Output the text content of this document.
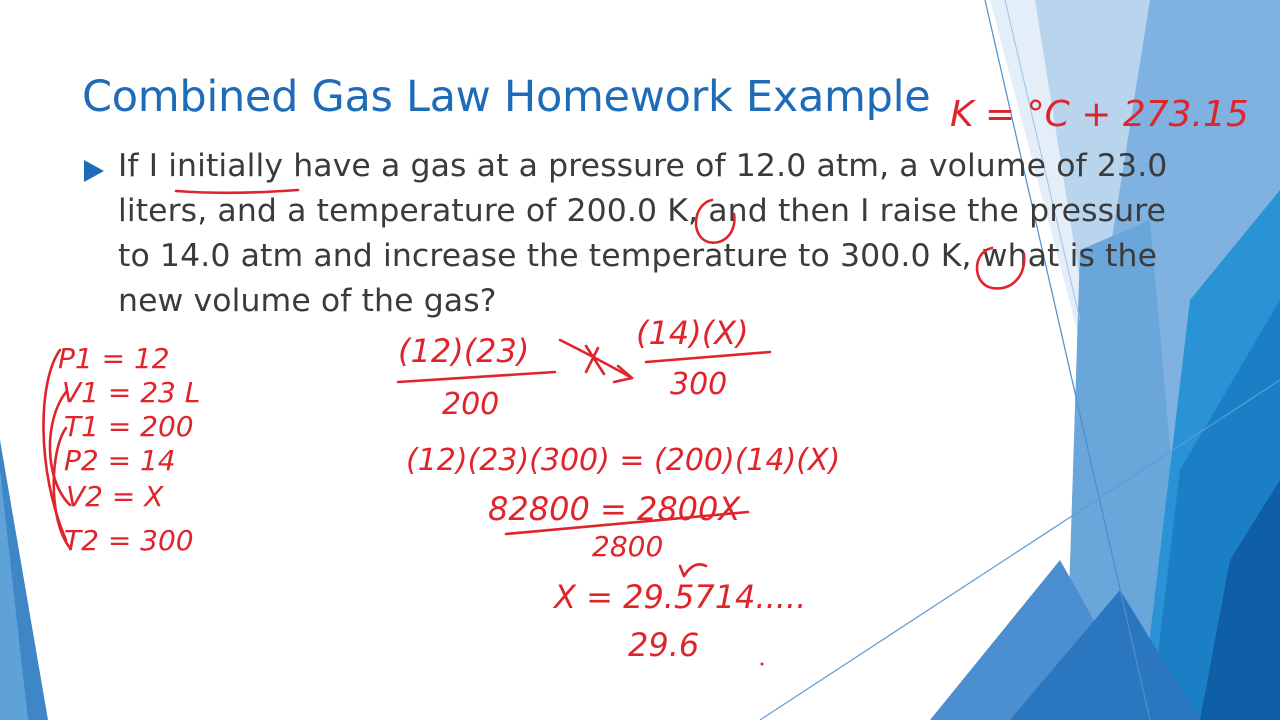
Combined Gas Law Homework Example
If I initially have a gas at a pressure of 12.0 atm, a volume of 23.0
liters, and a temperature of 200.0 K, and then I raise the pressure
to 14.0 atm and increase the temperature to 300.0 K, what is the
new volume of the gas?
K = °C + 273.15
P1 = 12
V1 = 23 L
T1 = 200
P2 = 14
V2 = X
T2 = 300
(12)(23)
200
(14)(X)
300
(12)(23)(300) = (200)(14)(X)
82800 = 2800X
2800
X = 29.5714.....
29.6
